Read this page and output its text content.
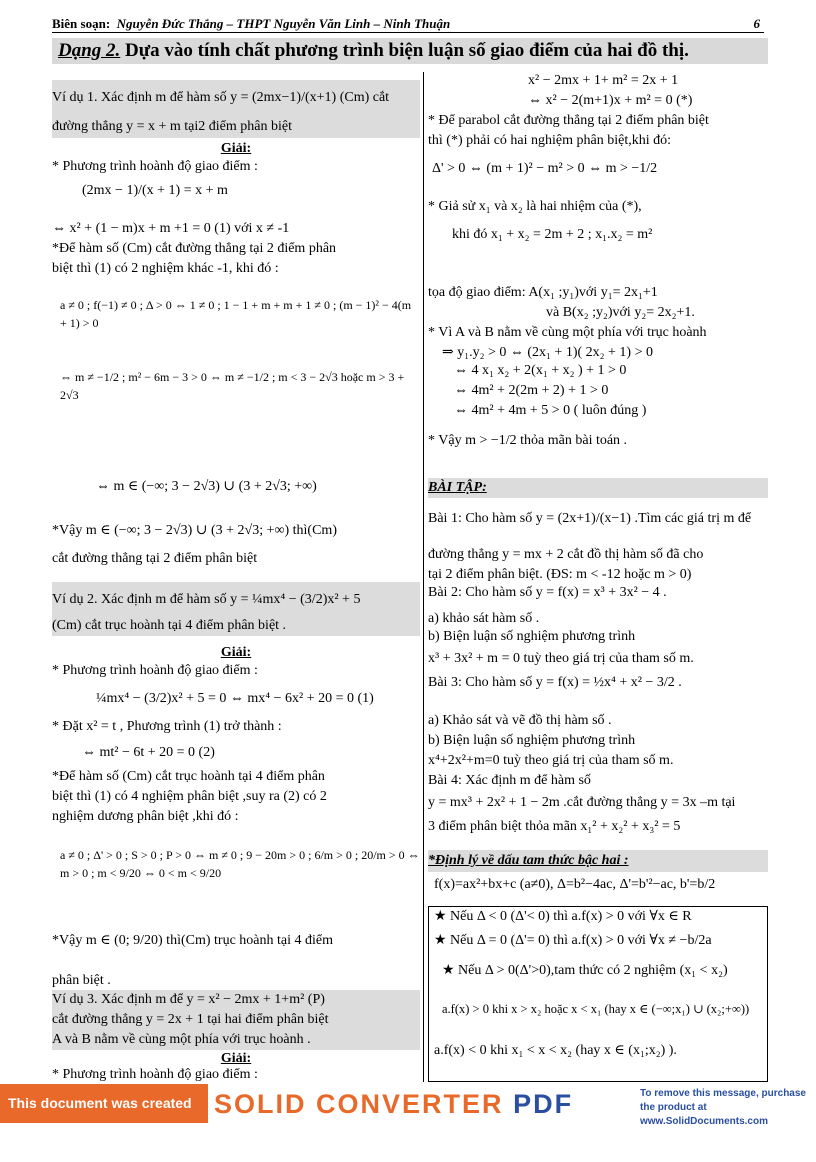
Biên soạn: Nguyễn Đức Thắng – THPT Nguyễn Văn Linh – Ninh Thuận	6
Dạng 2. Dựa vào tính chất phương trình biện luận số giao điểm của hai đồ thị.
Ví dụ 1. Xác định m để hàm số y = (2mx−1)/(x+1) (Cm) cắt
đường thẳng y = x + m tại2 điểm phân biệt
Giải:
* Phương trình hoành độ giao điểm :
(2mx − 1)/(x + 1) = x + m
⇔ x² + (1 − m)x + m +1 = 0 (1) với x ≠ -1
*Để hàm số (Cm) cắt đường thẳng tại 2 điểm phân
biệt thì (1) có 2 nghiệm khác -1, khi đó :
a ≠ 0 ; f(−1) ≠ 0 ; Δ > 0 ⇔ 1 ≠ 0 ; 1 − 1 + m + m + 1 ≠ 0 ; (m − 1)² − 4(m + 1) > 0
⇔ m ≠ −1/2 ; m² − 6m − 3 > 0 ⇔ m ≠ −1/2 ; m < 3 − 2√3 hoặc m > 3 + 2√3
⇔ m ∈ (−∞; 3 − 2√3) ∪ (3 + 2√3; +∞)
*Vậy m ∈ (−∞; 3 − 2√3) ∪ (3 + 2√3; +∞) thì(Cm)
cắt đường thẳng tại 2 điểm phân biệt
Ví dụ 2. Xác định m để hàm số y = ¼mx⁴ − (3/2)x² + 5
(Cm) cắt trục hoành tại 4 điểm phân biệt .
Giải:
* Phương trình hoành độ giao điểm :
¼mx⁴ − (3/2)x² + 5 = 0 ⇔ mx⁴ − 6x² + 20 = 0 (1)
* Đặt x² = t , Phương trình (1) trở thành :
⇔ mt² − 6t + 20 = 0 (2)
*Để hàm số (Cm) cắt trục hoành tại 4 điểm phân
biệt thì (1) có 4 nghiệm phân biệt ,suy ra (2) có 2
nghiệm dương phân biệt ,khi đó :
a ≠ 0 ; Δ' > 0 ; S > 0 ; P > 0 ⇔ m ≠ 0 ; 9 − 20m > 0 ; 6/m > 0 ; 20/m > 0 ⇔ m > 0 ; m < 9/20 ⇔ 0 < m < 9/20
*Vậy m ∈ (0; 9/20) thì(Cm) trục hoành tại 4 điểm
phân biệt .
Ví dụ 3. Xác định m để y = x² − 2mx + 1+m² (P)
cắt đường thẳng y = 2x + 1 tại hai điểm phân biệt
A và B nằm về cùng một phía với trục hoành .
Giải:
* Phương trình hoành độ giao điểm :
x² − 2mx + 1+ m² = 2x + 1
⇔ x² − 2(m+1)x + m² = 0 (*)
* Để parabol cắt đường thẳng tại 2 điểm phân biệt
thì (*) phải có hai nghiệm phân biệt,khi đó:
Δ' > 0 ⇔ (m + 1)² − m² > 0 ⇔ m > −1/2
* Giả sử x₁ và x₂ là hai nhiệm của (*),
khi đó x₁ + x₂ = 2m + 2 ; x₁.x₂ = m²
tọa độ giao điểm: A(x₁ ;y₁)với y₁= 2x₁+1
và B(x₂ ;y₂)với y₂= 2x₂+1.
* Vì A và B nằm về cùng một phía với trục hoành
⇒ y₁.y₂ > 0 ⇔ (2x₁ + 1)( 2x₂ + 1) > 0
⇔ 4 x₁ x₂ + 2(x₁ + x₂ ) + 1 > 0
⇔ 4m² + 2(2m + 2) + 1 > 0
⇔ 4m² + 4m + 5 > 0 ( luôn đúng )
* Vậy m > −1/2 thỏa mãn bài toán .
BÀI TẬP:
Bài 1: Cho hàm số y = (2x+1)/(x−1) .Tìm các giá trị m để
đường thẳng y = mx + 2 cắt đồ thị hàm số đã cho
tại 2 điểm phân biệt. (ĐS: m < -12 hoặc m > 0)
Bài 2: Cho hàm số y = f(x) = x³ + 3x² − 4 .
a) khảo sát hàm số .
b) Biện luận số nghiệm phương trình
x³ + 3x² + m = 0 tuỳ theo giá trị của tham số m.
Bài 3: Cho hàm số y = f(x) = ½x⁴ + x² − 3/2 .
a) Khảo sát và vẽ đồ thị hàm số .
b) Biện luận số nghiệm phương trình
x⁴+2x²+m=0 tuỳ theo giá trị của tham số m.
Bài 4: Xác định m để hàm số
y = mx³ + 2x² + 1 − 2m .cắt đường thẳng y = 3x –m tại
3 điểm phân biệt thỏa mãn x₁² + x₂² + x₃² = 5
*Định lý về dấu tam thức bậc hai :
f(x)=ax²+bx+c (a≠0), Δ=b²−4ac, Δ'=b'²−ac, b'=b/2
★ Nếu Δ < 0 (Δ'< 0) thì a.f(x) > 0 với ∀x ∈ R
★ Nếu Δ = 0 (Δ'= 0) thì a.f(x) > 0 với ∀x ≠ −b/2a
★ Nếu Δ > 0(Δ'>0),tam thức có 2 nghiệm (x₁ < x₂)
a.f(x) > 0 khi x > x₂ hoặc x < x₁ (hay x ∈ (−∞;x₁) ∪ (x₂;+∞))
a.f(x) < 0 khi x₁ < x < x₂ (hay x ∈ (x₁;x₂) ).
This document was created using
SOLID CONVERTER PDF	To remove this message, purchase the product at www.SolidDocuments.com
